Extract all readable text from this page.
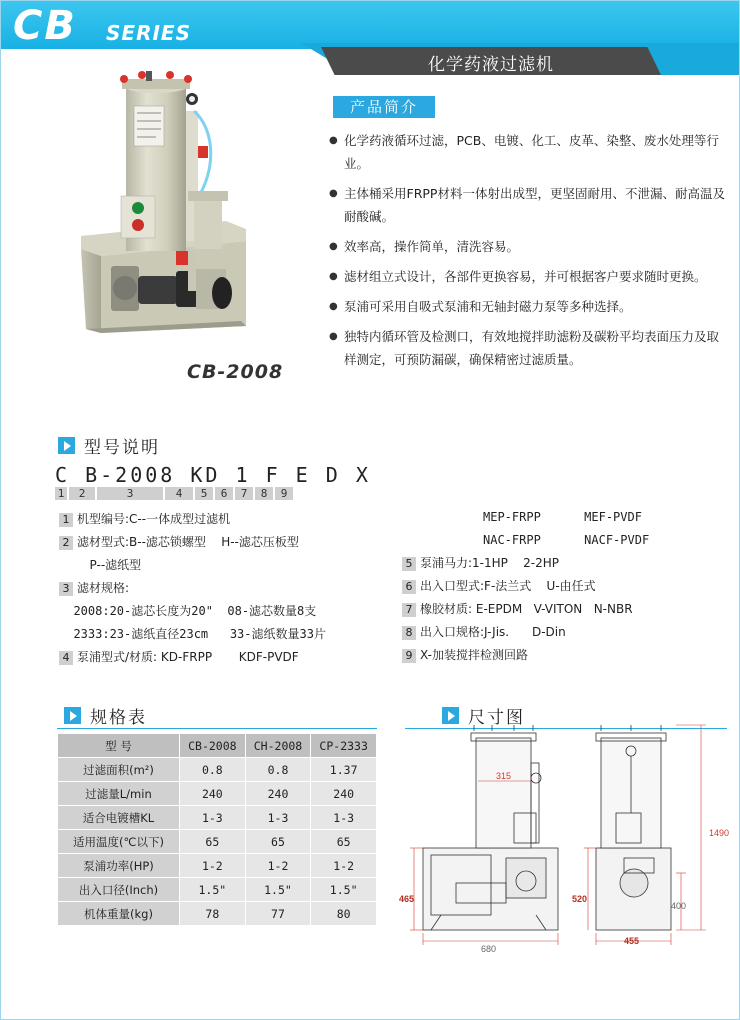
CB SERIES
化学药液过滤机
CB-2008
产品简介
● 化学药液循环过滤，PCB、电镀、化工、皮革、染整、废水处理等行业。
● 主体桶采用FRPP材料一体射出成型，更坚固耐用、不泄漏、耐高温及耐酸碱。
● 效率高，操作简单，清洗容易。
● 滤材组立式设计，各部件更换容易，并可根据客户要求随时更换。
● 泵浦可采用自吸式泵浦和无轴封磁力泵等多种选择。
● 独特内循环管及检测口，有效地搅拌助滤粉及碳粉平均表面压力及取样测定，可预防漏碳，确保精密过滤质量。
型号说明
C B-2008 KD 1 F E D X
1	2	3	4	5	6	7	8	9
1 机型编号:C--一体成型过滤机
2 滤材型式:B--滤芯锁螺型    H--滤芯压板型
P--滤纸型
3 滤材规格:
2008:20-滤芯长度为20"  08-滤芯数量8支
2333:23-滤纸直径23cm   33-滤纸数量33片
4 泵浦型式/材质: KD-FRPP       KDF-PVDF
MEP-FRPP      MEF-PVDF
NAC-FRPP      NACF-PVDF
5 泵浦马力:1-1HP    2-2HP
6 出入口型式:F-法兰式    U-由任式
7 橡胶材质: E-EPDM   V-VITON   N-NBR
8 出入口规格:J-Jis.      D-Din
9 X-加装搅拌检测回路
规格表
型 号	CB-2008	CH-2008	CP-2333
过滤面积(m²)	0.8	0.8	1.37
过滤量L/min	240	240	240
适合电镀槽KL	1-3	1-3	1-3
适用温度(℃以下)	65	65	65
泵浦功率(HP)	1-2	1-2	1-2
出入口径(Inch)	1.5"	1.5"	1.5"
机体重量(kg)	78	77	80
尺寸图
315
465
680
1490
520
400
455
